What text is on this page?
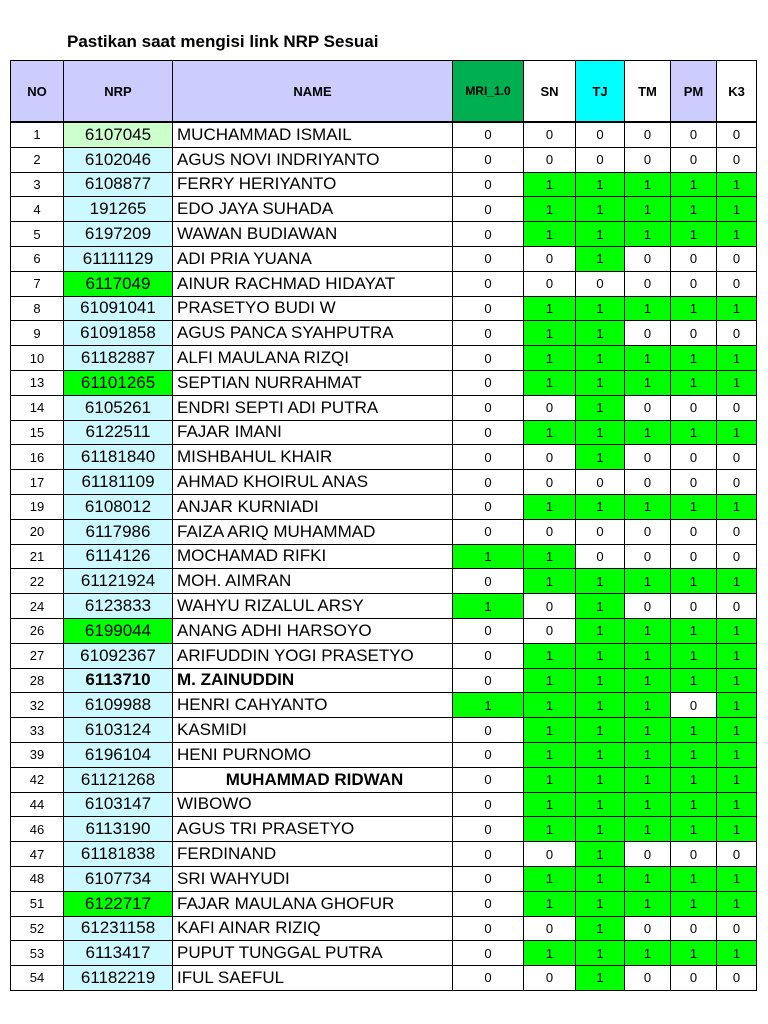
Pastikan saat mengisi link NRP Sesuai
NO	NRP	NAME	MRI_1.0	SN	TJ	TM	PM	K3
1	6107045	MUCHAMMAD ISMAIL	0	0	0	0	0	0
2	6102046	AGUS NOVI INDRIYANTO	0	0	0	0	0	0
3	6108877	FERRY HERIYANTO	0	1	1	1	1	1
4	191265	EDO JAYA SUHADA	0	1	1	1	1	1
5	6197209	WAWAN BUDIAWAN	0	1	1	1	1	1
6	61111129	ADI PRIA YUANA	0	0	1	0	0	0
7	6117049	AINUR RACHMAD HIDAYAT	0	0	0	0	0	0
8	61091041	PRASETYO BUDI W	0	1	1	1	1	1
9	61091858	AGUS PANCA SYAHPUTRA	0	1	1	0	0	0
10	61182887	ALFI MAULANA RIZQI	0	1	1	1	1	1
13	61101265	SEPTIAN NURRAHMAT	0	1	1	1	1	1
14	6105261	ENDRI SEPTI ADI PUTRA	0	0	1	0	0	0
15	6122511	FAJAR IMANI	0	1	1	1	1	1
16	61181840	MISHBAHUL KHAIR	0	0	1	0	0	0
17	61181109	AHMAD KHOIRUL ANAS	0	0	0	0	0	0
19	6108012	ANJAR KURNIADI	0	1	1	1	1	1
20	6117986	FAIZA ARIQ MUHAMMAD	0	0	0	0	0	0
21	6114126	MOCHAMAD RIFKI	1	1	0	0	0	0
22	61121924	MOH. AIMRAN	0	1	1	1	1	1
24	6123833	WAHYU RIZALUL ARSY	1	0	1	0	0	0
26	6199044	ANANG ADHI HARSOYO	0	0	1	1	1	1
27	61092367	ARIFUDDIN YOGI PRASETYO	0	1	1	1	1	1
28	6113710	M. ZAINUDDIN	0	1	1	1	1	1
32	6109988	HENRI CAHYANTO	1	1	1	1	0	1
33	6103124	KASMIDI	0	1	1	1	1	1
39	6196104	HENI PURNOMO	0	1	1	1	1	1
42	61121268	MUHAMMAD RIDWAN	0	1	1	1	1	1
44	6103147	WIBOWO	0	1	1	1	1	1
46	6113190	AGUS TRI PRASETYO	0	1	1	1	1	1
47	61181838	FERDINAND	0	0	1	0	0	0
48	6107734	SRI WAHYUDI	0	1	1	1	1	1
51	6122717	FAJAR MAULANA GHOFUR	0	1	1	1	1	1
52	61231158	KAFI AINAR RIZIQ	0	0	1	0	0	0
53	6113417	PUPUT TUNGGAL PUTRA	0	1	1	1	1	1
54	61182219	IFUL SAEFUL	0	0	1	0	0	0
